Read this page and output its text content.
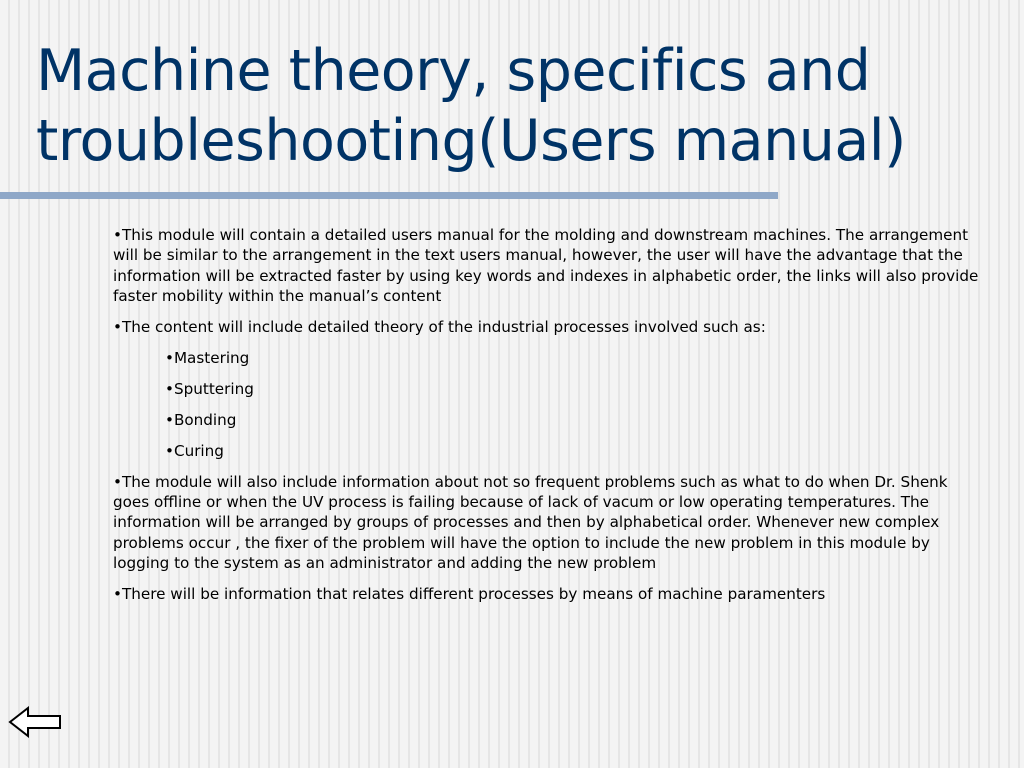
Machine theory, specifics and troubleshooting(Users manual)

•This module will contain a detailed users manual for the molding and downstream machines. The arrangement will be similar to the arrangement in the text users manual, however, the user will have the advantage that the information will be extracted faster by using key words and indexes in alphabetic order, the links will also provide faster mobility within the manual’s content

•The content will include detailed theory of the industrial processes involved such as:

•Mastering

•Sputtering

•Bonding

•Curing

•The module will also include information about not so frequent problems such as what to do when Dr. Shenk goes offline or when the UV process is failing because of lack of vacum or low operating temperatures. The information will be arranged by groups of processes and then by alphabetical order. Whenever new complex problems occur , the fixer of the problem will have the option to include the new problem in this module by logging to the system as an administrator and adding the new problem

•There will be information that relates different processes by means of machine paramenters
